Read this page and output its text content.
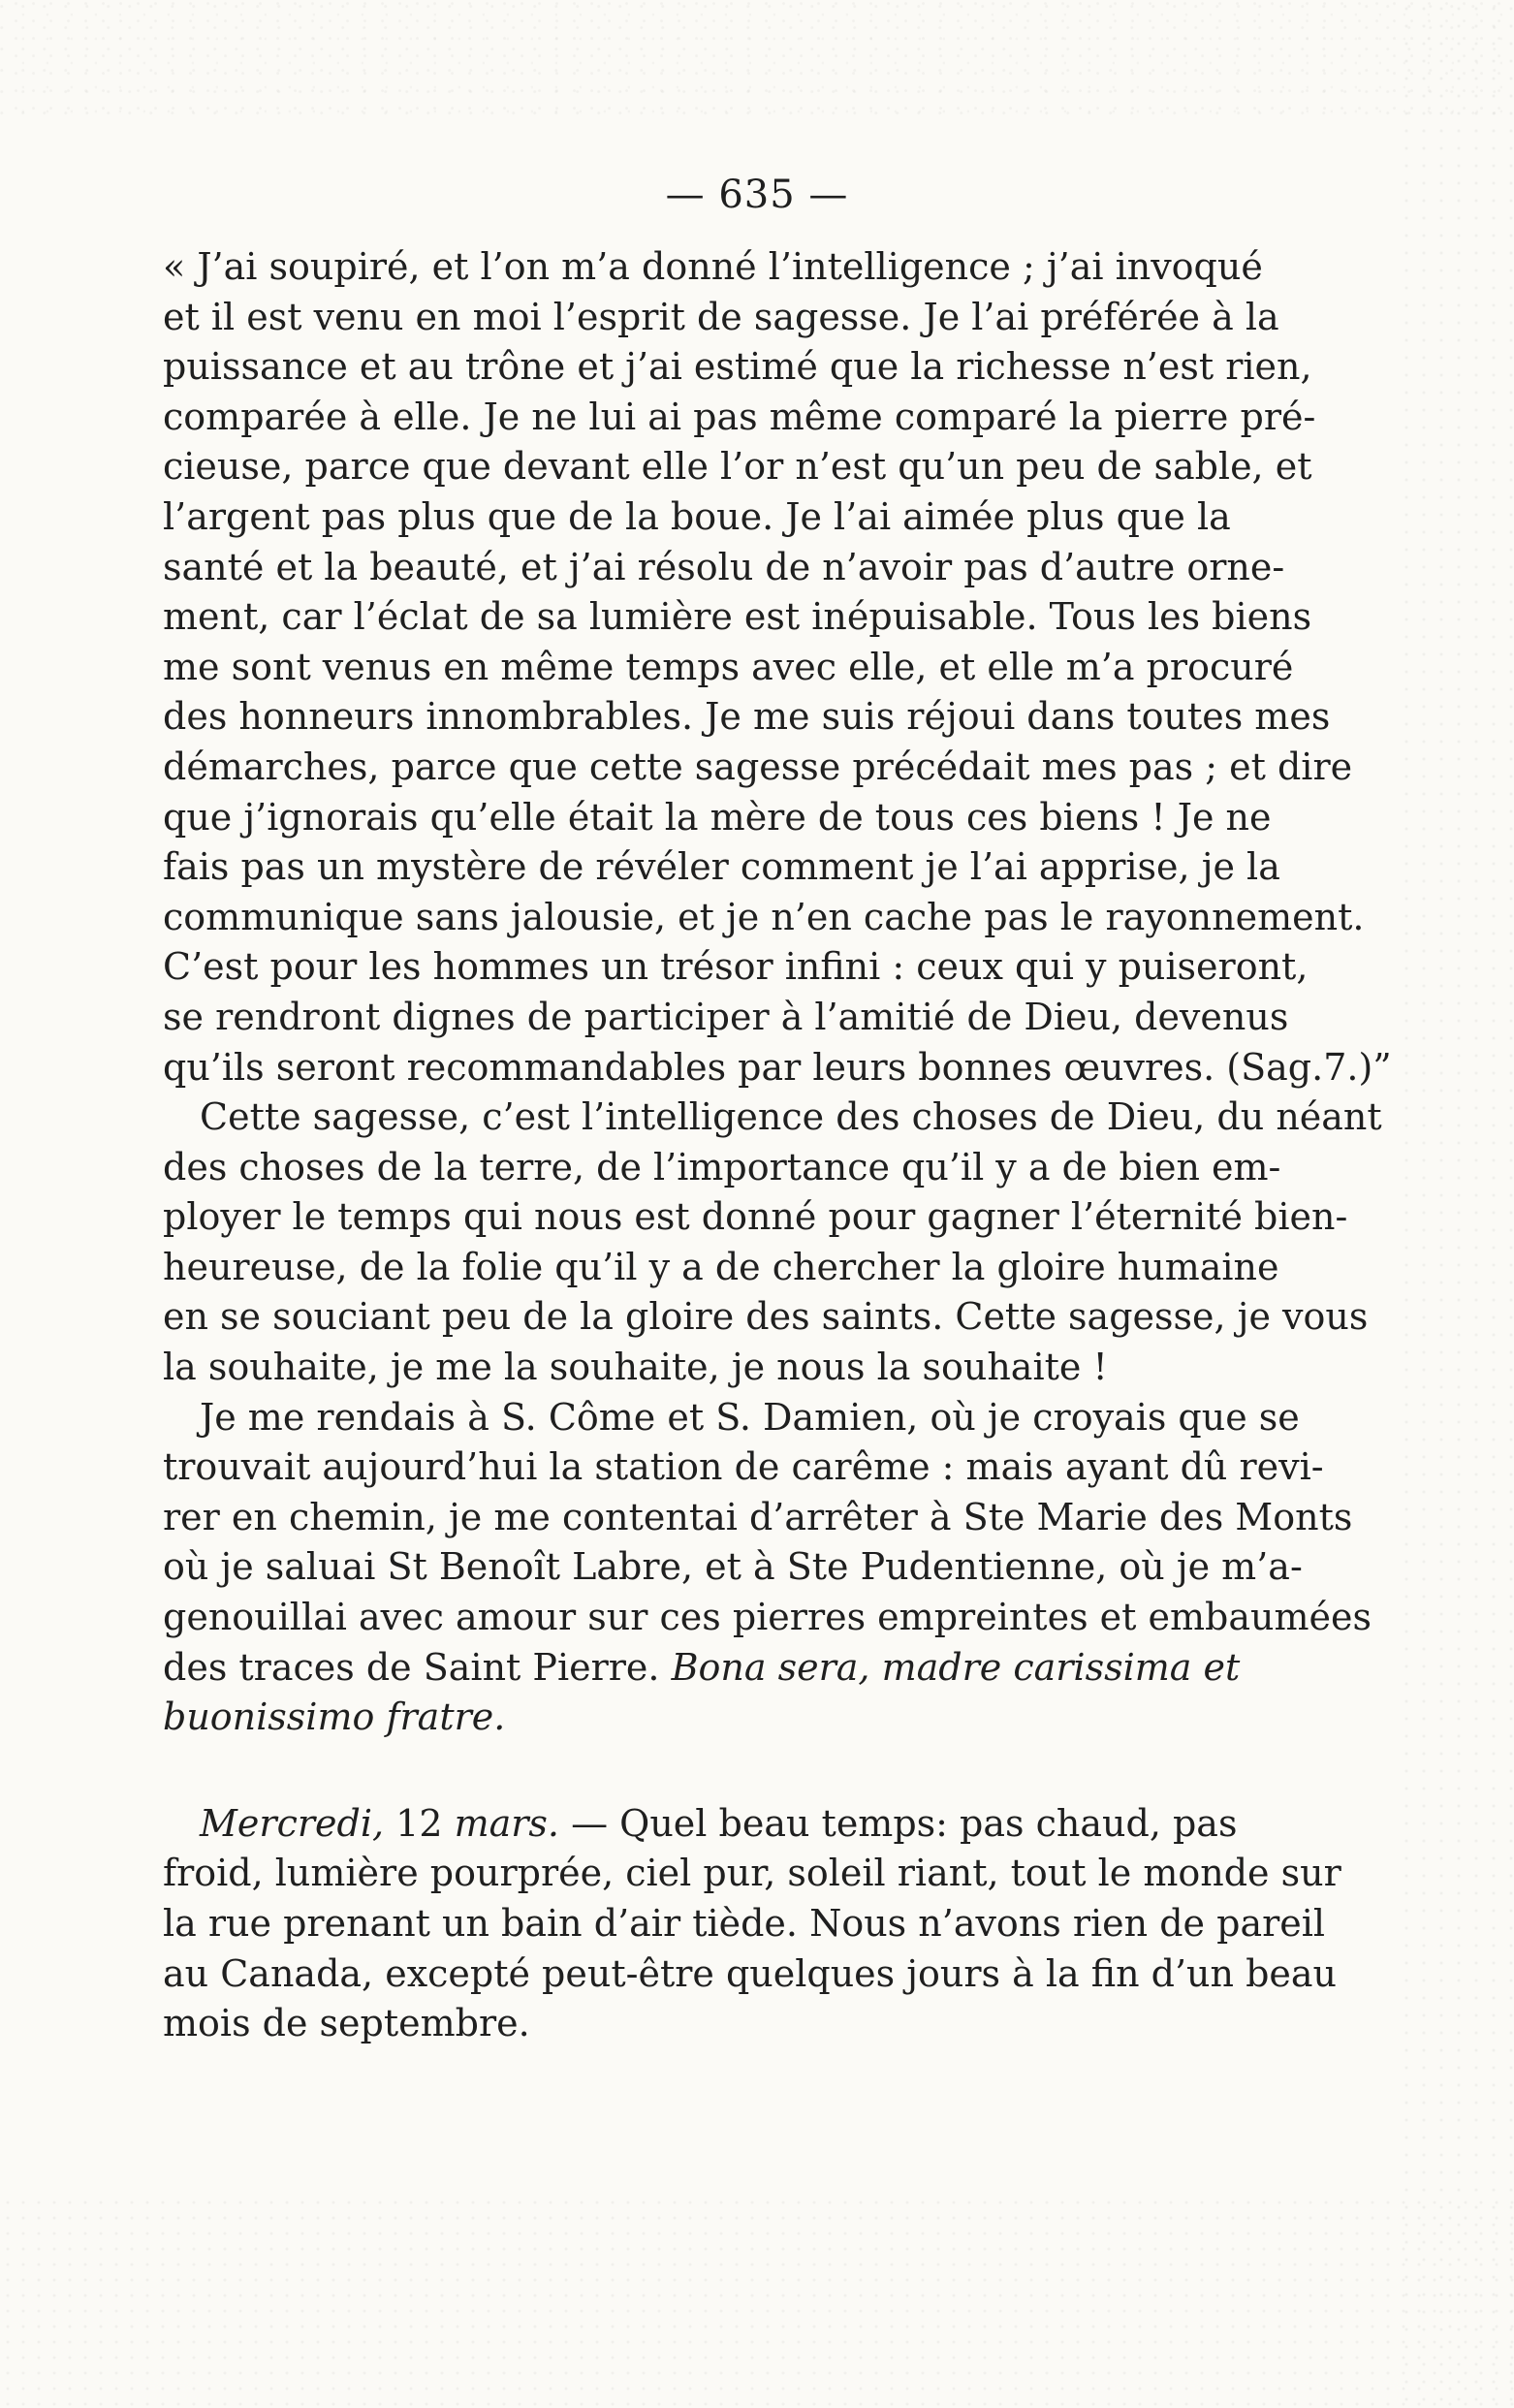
— 635 —
« J’ai soupiré, et l’on m’a donné l’intelligence ; j’ai invoqué
et il est venu en moi l’esprit de sagesse. Je l’ai préférée à la
puissance et au trône et j’ai estimé que la richesse n’est rien,
comparée à elle. Je ne lui ai pas même comparé la pierre pré-
cieuse, parce que devant elle l’or n’est qu’un peu de sable, et
l’argent pas plus que de la boue. Je l’ai aimée plus que la
santé et la beauté, et j’ai résolu de n’avoir pas d’autre orne-
ment, car l’éclat de sa lumière est inépuisable. Tous les biens
me sont venus en même temps avec elle, et elle m’a procuré
des honneurs innombrables. Je me suis réjoui dans toutes mes
démarches, parce que cette sagesse précédait mes pas ; et dire
que j’ignorais qu’elle était la mère de tous ces biens ! Je ne
fais pas un mystère de révéler comment je l’ai apprise, je la
communique sans jalousie, et je n’en cache pas le rayonnement.
C’est pour les hommes un trésor infini : ceux qui y puiseront,
se rendront dignes de participer à l’amitié de Dieu, devenus
qu’ils seront recommandables par leurs bonnes œuvres. (Sag.7.)”
Cette sagesse, c’est l’intelligence des choses de Dieu, du néant
des choses de la terre, de l’importance qu’il y a de bien em-
ployer le temps qui nous est donné pour gagner l’éternité bien-
heureuse, de la folie qu’il y a de chercher la gloire humaine
en se souciant peu de la gloire des saints. Cette sagesse, je vous
la souhaite, je me la souhaite, je nous la souhaite !
Je me rendais à S. Côme et S. Damien, où je croyais que se
trouvait aujourd’hui la station de carême : mais ayant dû revi-
rer en chemin, je me contentai d’arrêter à Ste Marie des Monts
où je saluai St Benoît Labre, et à Ste Pudentienne, où je m’a-
genouillai avec amour sur ces pierres empreintes et embaumées
des traces de Saint Pierre. Bona sera, madre carissima et
buonissimo fratre.
Mercredi, 12 mars. — Quel beau temps: pas chaud, pas
froid, lumière pourprée, ciel pur, soleil riant, tout le monde sur
la rue prenant un bain d’air tiède. Nous n’avons rien de pareil
au Canada, excepté peut-être quelques jours à la fin d’un beau
mois de septembre.
